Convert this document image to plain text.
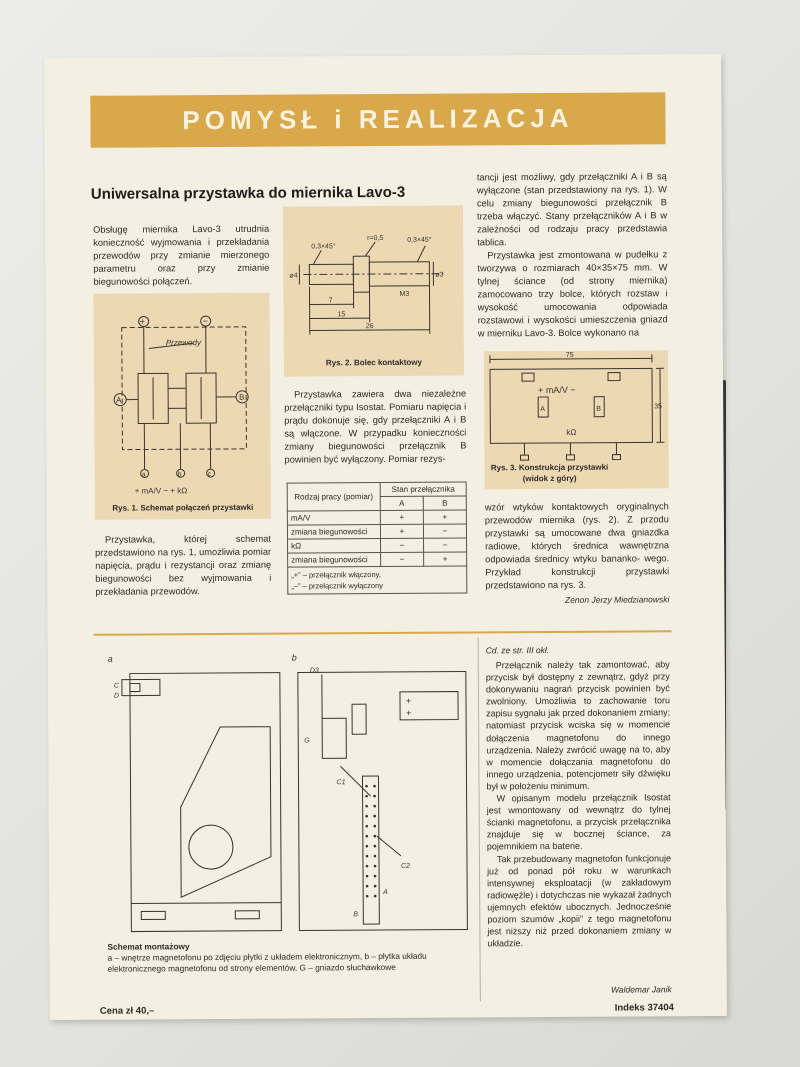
POMYSŁ i REALIZACJA
Uniwersalna przystawka do miernika Lavo-3

Obsługę miernika Lavo-3 utrudnia konieczność wyjmowania i przekładania przewodów przy zmianie mierzonego parametru oraz przy zmianie biegunowości połączeń.

+	−
Przewody
A	B
a	b	c
+ mA/V − + kΩ
Rys. 1. Schemat połączeń przystawki

Przystawka, której schemat przedstawiono na rys. 1, umożliwia pomiar napięcia, prądu i rezystancji oraz zmianę biegunowości bez wyjmowania i przekładania przewodów.

0,3×45°
r=0,5	0,3×45°
ø4	ø3
M3
7
15
26
Rys. 2. Bolec kontaktowy

Przystawka zawiera dwa niezależne przełączniki typu Isostat. Pomiaru napięcia i prądu dokonuje się, gdy przełączniki A i B są włączone. W przypadku konieczności zmiany biegunowości przełącznik B powinien być wyłączony. Pomiar rezys-

Rodzaj pracy (pomiar)	Stan przełącznika	
	A	B
mA/V	+	+
zmiana biegunowości	+	−
kΩ	−	−
zmiana biegunowości	−	+

„+” – przełącznik włączony,
„–” – przełącznik wyłączony		

tancji jest możliwy, gdy przełączniki A i B są wyłączone (stan przedstawiony na rys. 1). W celu zmiany biegunowości przełącznik B trzeba włączyć. Stany przełączników A i B w zależności od rodzaju pracy przedstawia tablica.

Przystawka jest zmontowana w pudełku z tworzywa o rozmiarach 40×35×75 mm. W tylnej ściance (od strony miernika) zamocowano trzy bolce, których rozstaw i wysokość umocowania odpowiada rozstawowi i wysokości umieszczenia gniazd w mierniku Lavo-3. Bolce wykonano na

75
35
+ mA/V −
A	B
kΩ
Rys. 3. Konstrukcja przystawki
(widok z góry)

wzór wtyków kontaktowych oryginalnych przewodów miernika (rys. 2). Z przodu przystawki są umocowane dwa gniazdka radiowe, których średnica wawnętrzna odpowiada średnicy wtyku bananko- wego. Przykład konstrukcji przystawki przedstawiono na rys. 3.

Zenon Jerzy Miedzianowski
a
C
D
b
D3
G
C1
C2
B
A
+
+
Schemat montażowy
a – wnętrze magnetofonu po zdjęciu płytki z układem elektronicznym, b – płytka układu elektronicznego magnetofonu od strony elementów, G – gniazdo słuchawkowe
Cd. ze str. III okł.

Przełącznik należy tak zamontować, aby przycisk był dostępny z zewnątrz, gdyż przy dokonywaniu nagrań przycisk powinien być zwolniony. Umożliwia to zachowanie toru zapisu sygnału jak przed dokonaniem zmiany; natomiast przycisk wciska się w momencie dołączenia magnetofonu do innego urządzenia. Należy zwrócić uwagę na to, aby w momencie dołączania magnetofonu do innego urządzenia, potencjometr siły dźwięku był w położeniu minimum.

W opisanym modelu przełącznik Isostat jest wmontowany od wewnątrz do tylnej ścianki magnetofonu, a przycisk przełącznika znajduje się w bocznej ściance, za pojemnikiem na baterie.

Tak przebudowany magnetofon funkcjonuje już od ponad pół roku w warunkach intensywnej eksploatacji (w zakładowym radiowęźle) i dotychczas nie wykazał żadnych ujemnych efektów ubocznych. Jednocześnie poziom szumów „kopii” z tego magnetofonu jest niższy niż przed dokonaniem zmiany w układzie.

Waldemar Janik
Cena zł 40,–	Indeks 37404
